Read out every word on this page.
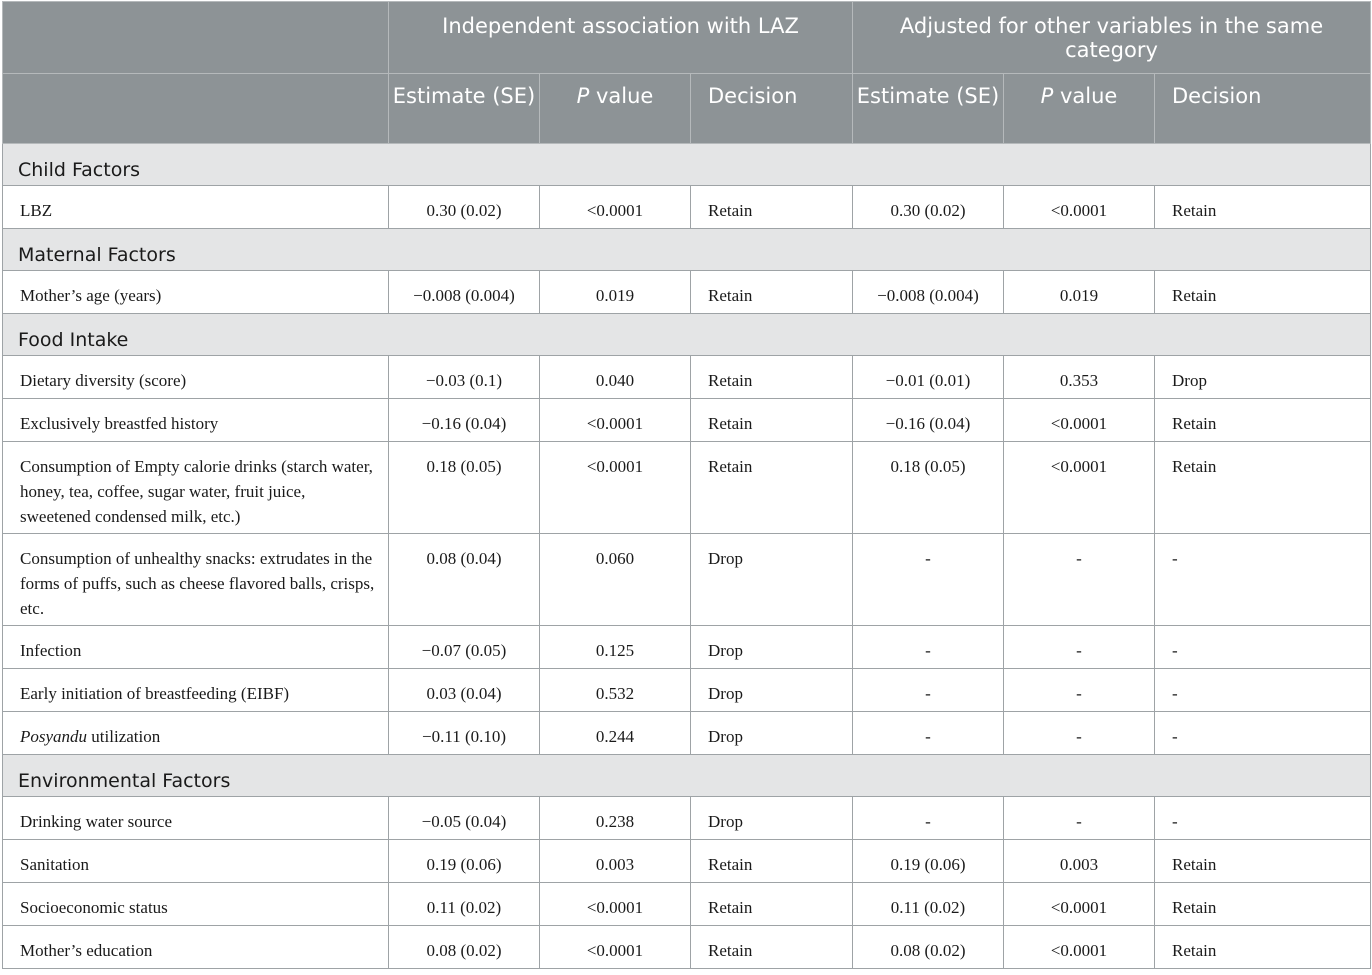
	Independent association with LAZ			Adjusted for other variables in the same category		
	Estimate (SE)	P value	Decision	Estimate (SE)	P value	Decision
Child Factors						
LBZ	0.30 (0.02)	<0.0001	Retain	0.30 (0.02)	<0.0001	Retain
Maternal Factors						
Mother’s age (years)	−0.008 (0.004)	0.019	Retain	−0.008 (0.004)	0.019	Retain
Food Intake						
Dietary diversity (score)	−0.03 (0.1)	0.040	Retain	−0.01 (0.01)	0.353	Drop
Exclusively breastfed history	−0.16 (0.04)	<0.0001	Retain	−0.16 (0.04)	<0.0001	Retain
Consumption of Empty calorie drinks (starch water, honey, tea, coffee, sugar water, fruit juice, sweetened condensed milk, etc.)	0.18 (0.05)	<0.0001	Retain	0.18 (0.05)	<0.0001	Retain
Consumption of unhealthy snacks: extrudates in the forms of puffs, such as cheese flavored balls, crisps, etc.	0.08 (0.04)	0.060	Drop	-	-	-
Infection	−0.07 (0.05)	0.125	Drop	-	-	-
Early initiation of breastfeeding (EIBF)	0.03 (0.04)	0.532	Drop	-	-	-
Posyandu utilization	−0.11 (0.10)	0.244	Drop	-	-	-
Environmental Factors						
Drinking water source	−0.05 (0.04)	0.238	Drop	-	-	-
Sanitation	0.19 (0.06)	0.003	Retain	0.19 (0.06)	0.003	Retain
Socioeconomic status	0.11 (0.02)	<0.0001	Retain	0.11 (0.02)	<0.0001	Retain
Mother’s education	0.08 (0.02)	<0.0001	Retain	0.08 (0.02)	<0.0001	Retain
